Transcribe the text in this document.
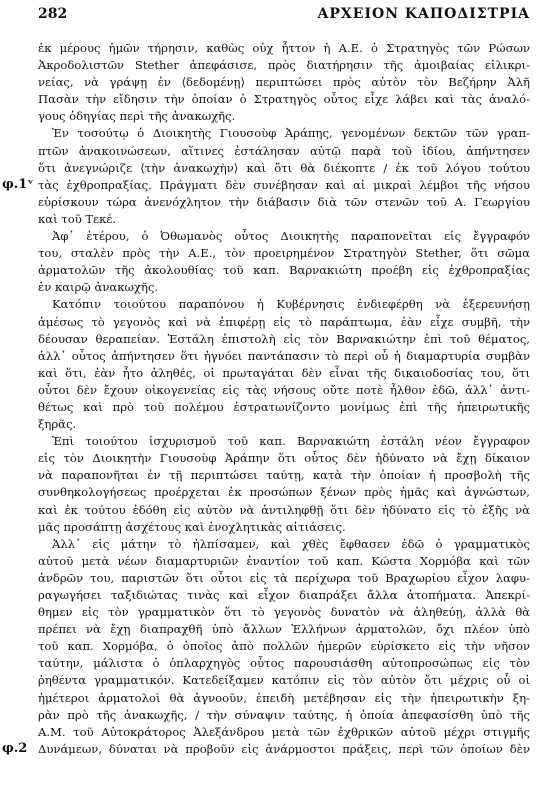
282	ΑΡΧΕΙΟΝ ΚΑΠΟΔΙΣΤΡΙΑ
φ.1ᵛ
φ.2
ἐκ μέρους ἡμῶν τήρησιν, καθὼς οὐχ ἧττον ἡ Α.Ε. ὁ Στρατηγὸς τῶν Ρώσων
Ἀκροδολιστῶν Stether ἀπεφάσισε, πρὸς διατήρησιν τῆς ἀμοιβαίας εἰλικρι-
νείας, νὰ γράψῃ ἐν ⟨δεδομένῃ⟩ περιπτώσει πρὸς αὐτὸν τὸν Βεζήρην Ἀλῆ
Πασὰν τὴν εἴδησιν τὴν ὁποίαν ὁ Στρατηγὸς οὗτος εἶχε λάβει καὶ τὰς ἀναλό-
γους ὁδηγίας περὶ τῆς ἀνακωχῆς.
Ἐν τοσούτῳ ὁ Διοικητὴς Γιουσοὺφ Ἀράπης, γενομένων δεκτῶν τῶν γραπ-
πτῶν ἀνακοινώσεων, αἵτινες ἐστάλησαν αὐτῷ παρὰ τοῦ ἰδίου, ἀπήντησεν
ὅτι ἀνεγνώριζε ⟨τὴν ἀνακωχὴν⟩ καὶ ὅτι θὰ διέκοπτε / ἐκ τοῦ λόγου τούτου
τὰς ἐχθροπραξίας. Πράγματι δὲν συνέβησαν καὶ αἱ μικραὶ λέμβοι τῆς νήσου
εὑρίσκουν τώρα ἀνενόχλητον τὴν διάβασιν διὰ τῶν στενῶν τοῦ Α. Γεωργίου
καὶ τοῦ Τεκέ.
Ἀφ᾽ ἑτέρου, ὁ Ὀθωμανὸς οὗτος Διοικητὴς παραπονεῖται εἰς ἔγγραφόν
του, σταλὲν πρὸς τὴν Α.Ε., τὸν προειρημένον Στρατηγὸν Stether, ὅτι σῶμα
ἀρματολῶν τῆς ἀκολουθίας τοῦ καπ. Βαρνακιώτη προέβη εἰς ἐχθροπραξίας
ἐν καιρῷ ἀνακωχῆς.
Κατόπιν τοιούτου παραπόνου ἡ Κυβέρνησις ἐνδιεφέρθη νὰ ἐξερευνήσῃ
ἀμέσως τὸ γεγονὸς καὶ νὰ ἐπιφέρῃ εἰς τὸ παράπτωμα, ἐὰν εἶχε συμβῆ, τὴν
δέουσαν θεραπείαν. Ἐστάλη ἐπιστολὴ εἰς τὸν Βαρνακιώτην ἐπὶ τοῦ θέματος,
ἀλλ᾽ οὗτος ἀπήντησεν ὅτι ἠγνόει παντάπασιν τὸ περὶ οὗ ἡ διαμαρτυρία συμβὰν
καὶ ὅτι, ἐὰν ἦτο ἀληθές, οἱ πρωταγάται δὲν εἶναι τῆς δικαιοδοσίας του, ὅτι
οὗτοι δὲν ἔχουν οἰκογενείας εἰς τὰς νήσους οὔτε ποτὲ ἦλθον ἐδῶ, ἀλλ᾽ ἀντι-
θέτως καὶ πρὸ τοῦ πολέμου ἐστρατωνίζοντο μονίμως ἐπὶ τῆς ἠπειρωτικῆς
ξηρᾶς.
Ἐπὶ τοιούτου ἰσχυρισμοῦ τοῦ καπ. Βαρνακιώτη ἐστάλη νέον ἔγγραφον
εἰς τὸν Διοικητὴν Γιουσοὺφ Ἀράπην ὅτι οὗτος δὲν ἠδύνατο νὰ ἔχῃ δίκαιον
νὰ παραπονῆται ἐν τῇ περιπτώσει ταύτῃ, κατὰ τὴν ὁποίαν ἡ προσβολὴ τῆς
συνθηκολογήσεως προέρχεται ἐκ προσώπων ξένων πρὸς ἡμᾶς καὶ ἀγνώστων,
καὶ ἐκ τούτου ἐδόθη εἰς αὐτὸν νὰ ἀντιληφθῇ ὅτι δὲν ἠδύνατο εἰς τὸ ἑξῆς νὰ
μᾶς προσάπτῃ ἀσχέτους καὶ ἐνοχλητικὰς αἰτιάσεις.
Ἀλλ᾽ εἰς μάτην τὸ ἠλπίσαμεν, καὶ χθὲς ἔφθασεν ἐδῶ ὁ γραμματικὸς
αὐτοῦ μετὰ νέων διαμαρτυριῶν ἐναντίον τοῦ καπ. Κώστα Χορμόβα καὶ τῶν
ἀνδρῶν του, παριστῶν ὅτι οὗτοι εἰς τὰ περίχωρα τοῦ Βραχωρίου εἶχον λαφυ-
ραγωγήσει ταξιδιώτας τινὰς καὶ εἶχον διαπράξει ἄλλα ἀτοπήματα. Ἀπεκρί-
θημεν εἰς τὸν γραμματικὸν ὅτι τὸ γεγονὸς δυνατὸν νὰ ἀληθεύῃ, ἀλλὰ θὰ
πρέπει νὰ ἔχῃ διαπραχθῆ ὑπὸ ἄλλων Ἑλλήνων ἀρματολῶν, ὄχι πλέον ὑπὸ
τοῦ καπ. Χορμόβα, ὁ ὁποῖος ἀπὸ πολλῶν ἡμερῶν εὑρίσκετο εἰς τὴν νῆσον
ταύτην, μάλιστα ὁ ὁπλαρχηγὸς οὗτος παρουσιάσθη αὐτοπροσώπως εἰς τὸν
ῥηθέντα γραμματικόν. Κατεδείξαμεν κατόπιν εἰς τὸν αὐτὸν ὅτι μέχρις οὗ οἱ
ἡμέτεροι ἀρματολοὶ θὰ ἀγνοοῦν, ἐπειδὴ μετέβησαν εἰς τὴν ἠπειρωτικὴν ξη-
ρὰν πρὸ τῆς ἀνακωχῆς, / τὴν σύναψιν ταύτης, ἡ ὁποία ἀπεφασίσθη ὑπὸ τῆς
Α.Μ. τοῦ Αὐτοκράτορος Ἀλεξάνδρου μετὰ τῶν ἐχθρικῶν αὐτοῦ μέχρι στιγμῆς
Δυνάμεων, δύναται νὰ προβοῦν εἰς ἀνάρμοστοι πράξεις, περὶ τῶν ὁποίων δὲν
